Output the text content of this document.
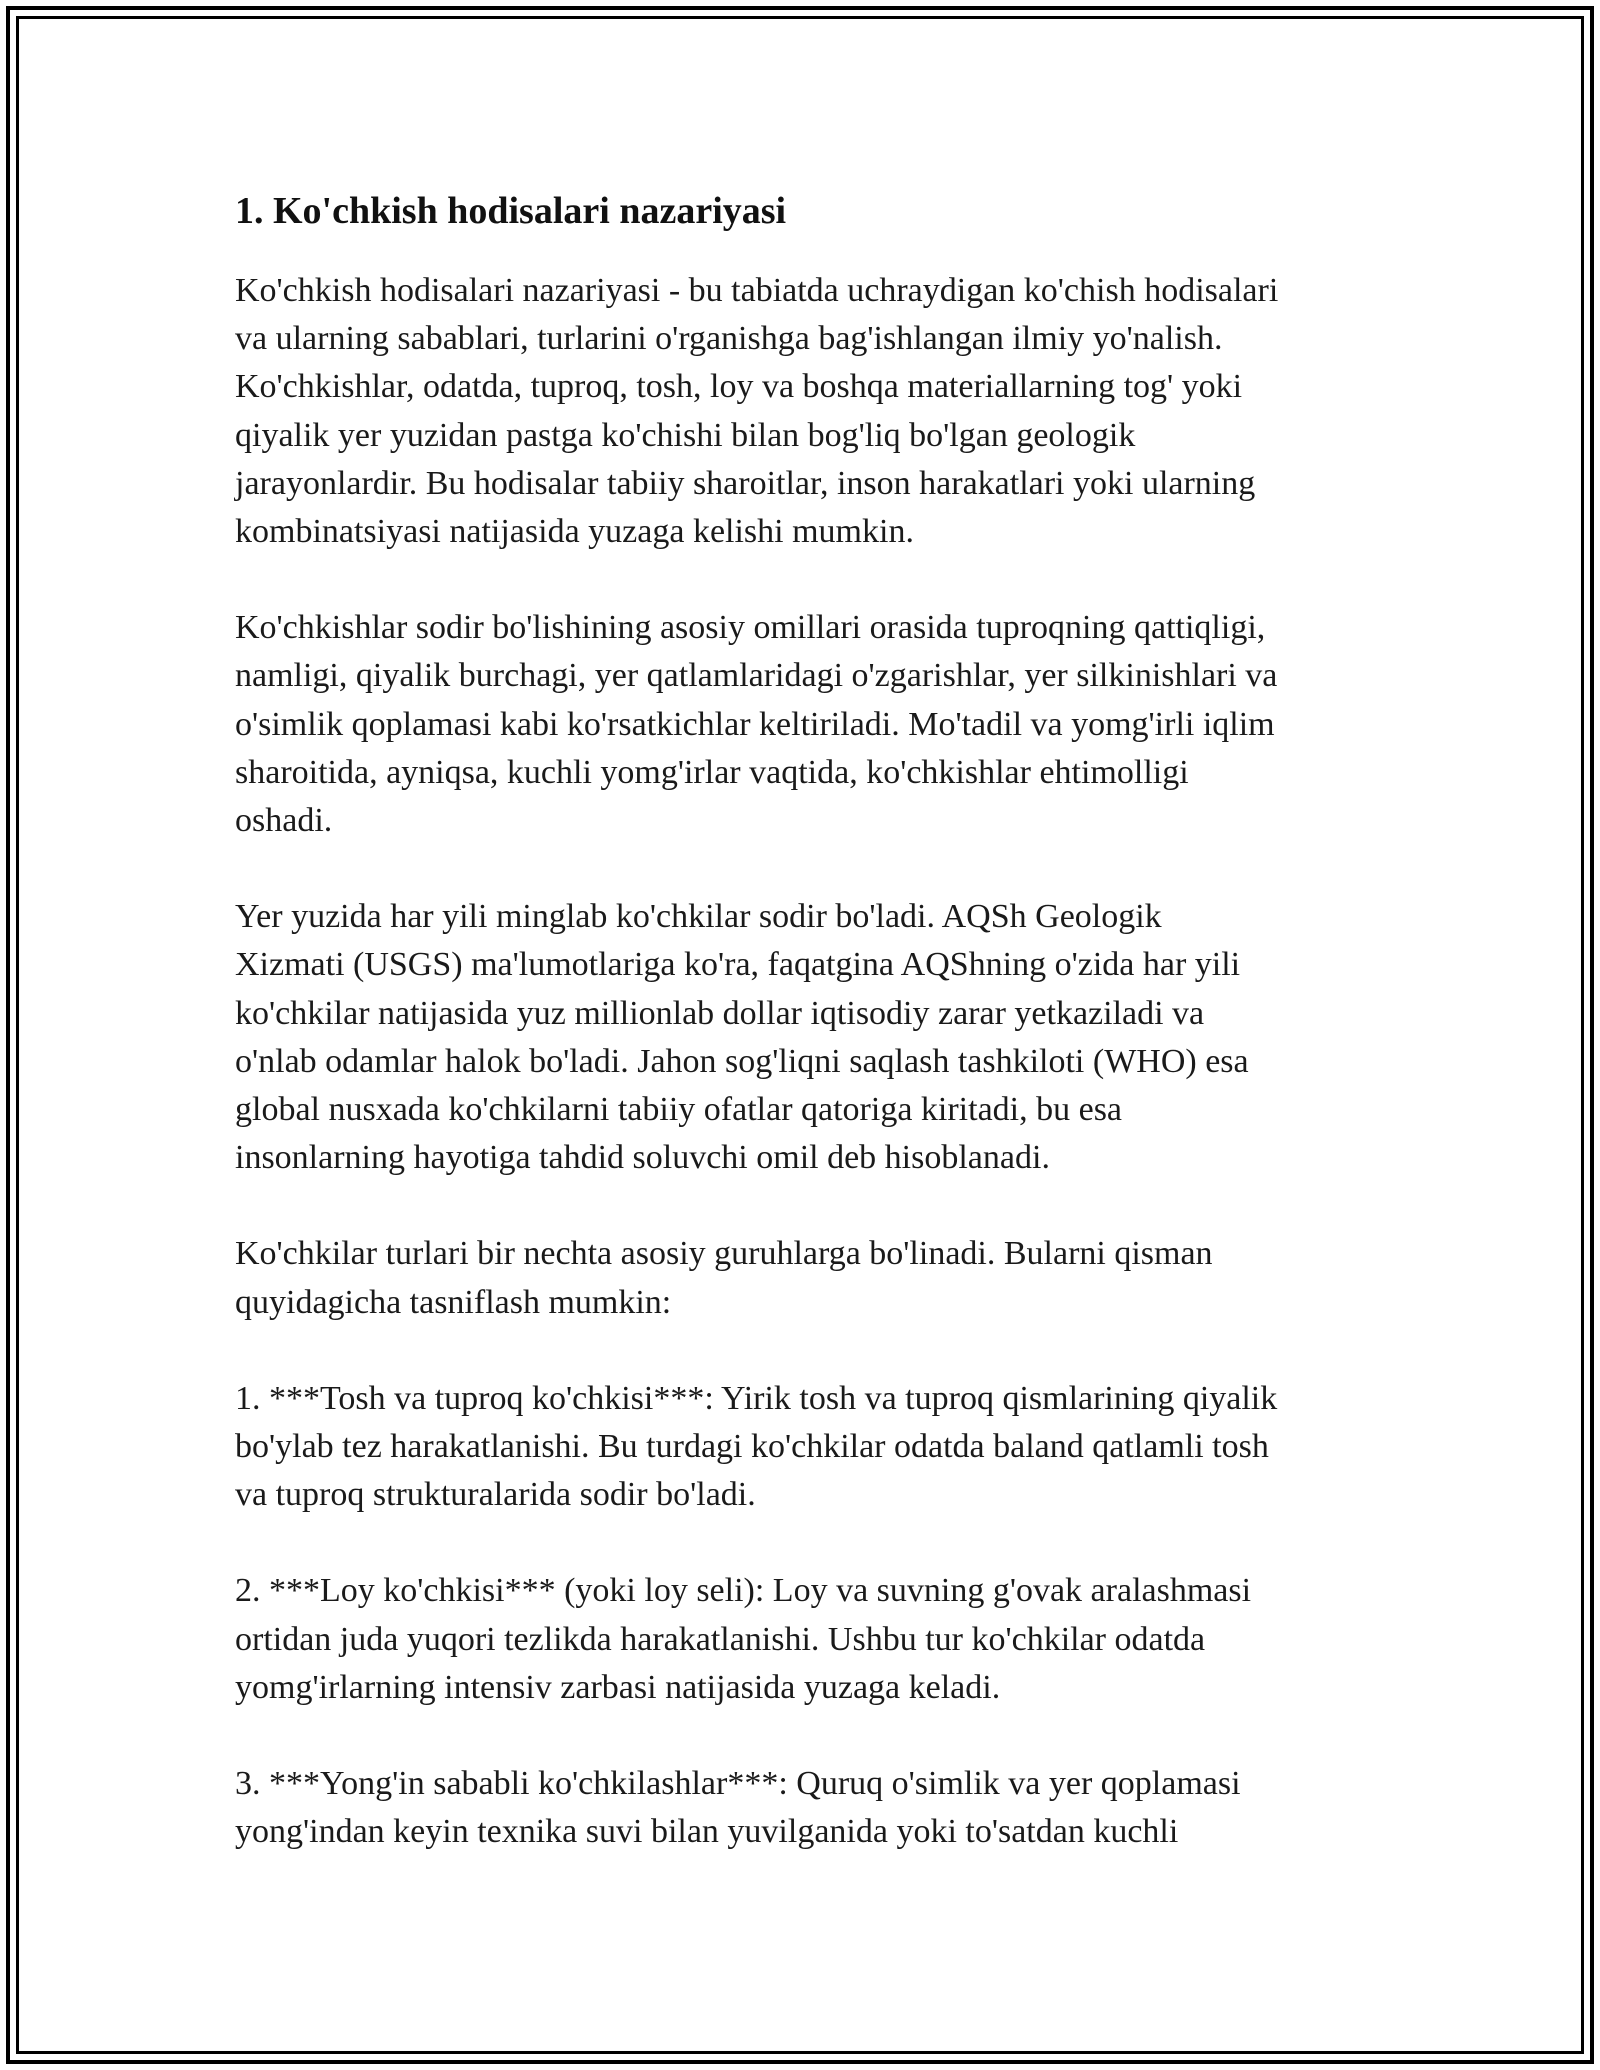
1. Ko'chkish hodisalari nazariyasi

Ko'chkish hodisalari nazariyasi - bu tabiatda uchraydigan ko'chish hodisalari
va ularning sabablari, turlarini o'rganishga bag'ishlangan ilmiy yo'nalish.
Ko'chkishlar, odatda, tuproq, tosh, loy va boshqa materiallarning tog' yoki
qiyalik yer yuzidan pastga ko'chishi bilan bog'liq bo'lgan geologik
jarayonlardir. Bu hodisalar tabiiy sharoitlar, inson harakatlari yoki ularning
kombinatsiyasi natijasida yuzaga kelishi mumkin.

Ko'chkishlar sodir bo'lishining asosiy omillari orasida tuproqning qattiqligi,
namligi, qiyalik burchagi, yer qatlamlaridagi o'zgarishlar, yer silkinishlari va
o'simlik qoplamasi kabi ko'rsatkichlar keltiriladi. Mo'tadil va yomg'irli iqlim
sharoitida, ayniqsa, kuchli yomg'irlar vaqtida, ko'chkishlar ehtimolligi
oshadi.

Yer yuzida har yili minglab ko'chkilar sodir bo'ladi. AQSh Geologik
Xizmati (USGS) ma'lumotlariga ko'ra, faqatgina AQShning o'zida har yili
ko'chkilar natijasida yuz millionlab dollar iqtisodiy zarar yetkaziladi va
o'nlab odamlar halok bo'ladi. Jahon sog'liqni saqlash tashkiloti (WHO) esa
global nusxada ko'chkilarni tabiiy ofatlar qatoriga kiritadi, bu esa
insonlarning hayotiga tahdid soluvchi omil deb hisoblanadi.

Ko'chkilar turlari bir nechta asosiy guruhlarga bo'linadi. Bularni qisman
quyidagicha tasniflash mumkin:

1. ***Tosh va tuproq ko'chkisi***: Yirik tosh va tuproq qismlarining qiyalik
bo'ylab tez harakatlanishi. Bu turdagi ko'chkilar odatda baland qatlamli tosh
va tuproq strukturalarida sodir bo'ladi.

2. ***Loy ko'chkisi*** (yoki loy seli): Loy va suvning g'ovak aralashmasi
ortidan juda yuqori tezlikda harakatlanishi. Ushbu tur ko'chkilar odatda
yomg'irlarning intensiv zarbasi natijasida yuzaga keladi.

3. ***Yong'in sababli ko'chkilashlar***: Quruq o'simlik va yer qoplamasi
yong'indan keyin texnika suvi bilan yuvilganida yoki to'satdan kuchli
